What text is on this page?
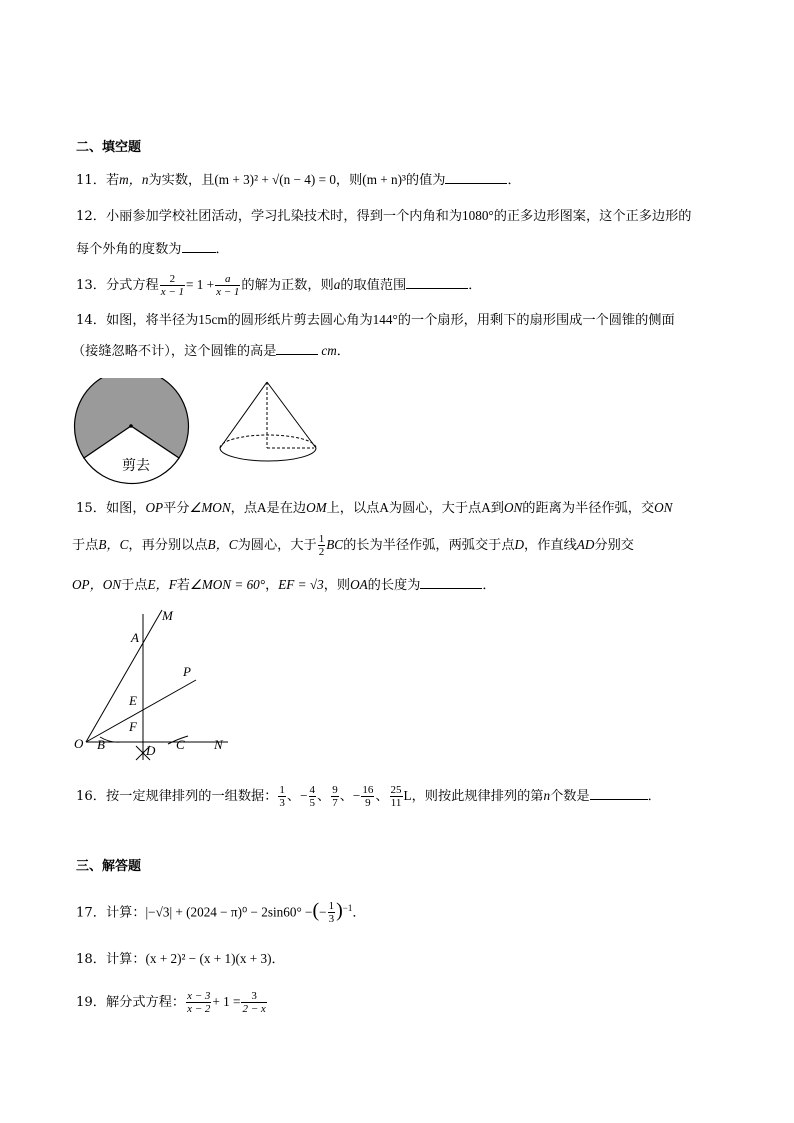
二、填空题
11．若m，n为实数，且(m + 3)² + √(n − 4) = 0，则(m + n)³的值为	．
12．小丽参加学校社团活动，学习扎染技术时，得到一个内角和为1080°的正多边形图案，这个正多边形的
每个外角的度数为	．
13．分式方程 $\frac{2}{x - 1} = 1 + \frac{a}{x - 1}$ 的解为正数，则a的取值范围	．
14．如图，将半径为15cm的圆形纸片剪去圆心角为144°的一个扇形，用剩下的扇形围成一个圆锥的侧面
（接缝忽略不计），这个圆锥的高是	cm．
剪去
15．如图，OP平分∠MON，点A是在边OM上，以点A为圆心，大于点A到ON的距离为半径作弧，交ON
于点B，C，再分别以点B，C为圆心，大于 $\frac{1}{2}$ BC的长为半径作弧，两弧交于点D，作直线AD分别交
OP，ON于点E，F若∠MON = 60°，EF = √3，则OA的长度为	．
M
A
P
E
F
O B	D C N
16．按一定规律排列的一组数据： $\frac{1}{3}$ 、− $\frac{4}{5}$ 、 $\frac{9}{7}$ 、− $\frac{16}{9}$ 、 $\frac{25}{11}$ L，则按此规律排列的第n个数是	．
三、解答题
17．计算：|−√3| + (2024 − π)⁰ − 2sin60° −(− $\frac{1}{3} )^{-1}$．
18．计算：(x + 2)² − (x + 1)(x + 3)．
19．解分式方程： $\frac{x - 3}{x - 2} + 1 = \frac{3}{2 - x}$
